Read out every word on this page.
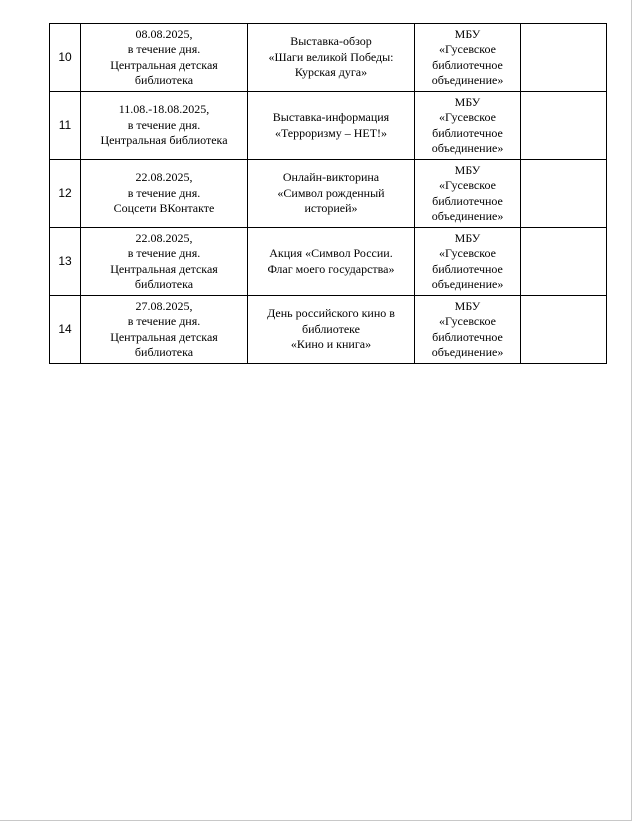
10	08.08.2025,
в течение дня.
Центральная детская
библиотека	Выставка-обзор
«Шаги великой Победы:
Курская дуга»	МБУ
«Гусевское
библиотечное
объединение»	

11	11.08.-18.08.2025,
в течение дня.
Центральная библиотека	Выставка-информация
«Терроризму – НЕТ!»	МБУ
«Гусевское
библиотечное
объединение»	

12	22.08.2025,
в течение дня.
Соцсети ВКонтакте	Онлайн-викторина
«Символ рожденный
историей»	МБУ
«Гусевское
библиотечное
объединение»	

13	22.08.2025,
в течение дня.
Центральная детская
библиотека	Акция «Символ России.
Флаг моего государства»	МБУ
«Гусевское
библиотечное
объединение»	

14	27.08.2025,
в течение дня.
Центральная детская
библиотека	День российского кино в
библиотеке
«Кино и книга»	МБУ
«Гусевское
библиотечное
объединение»	
